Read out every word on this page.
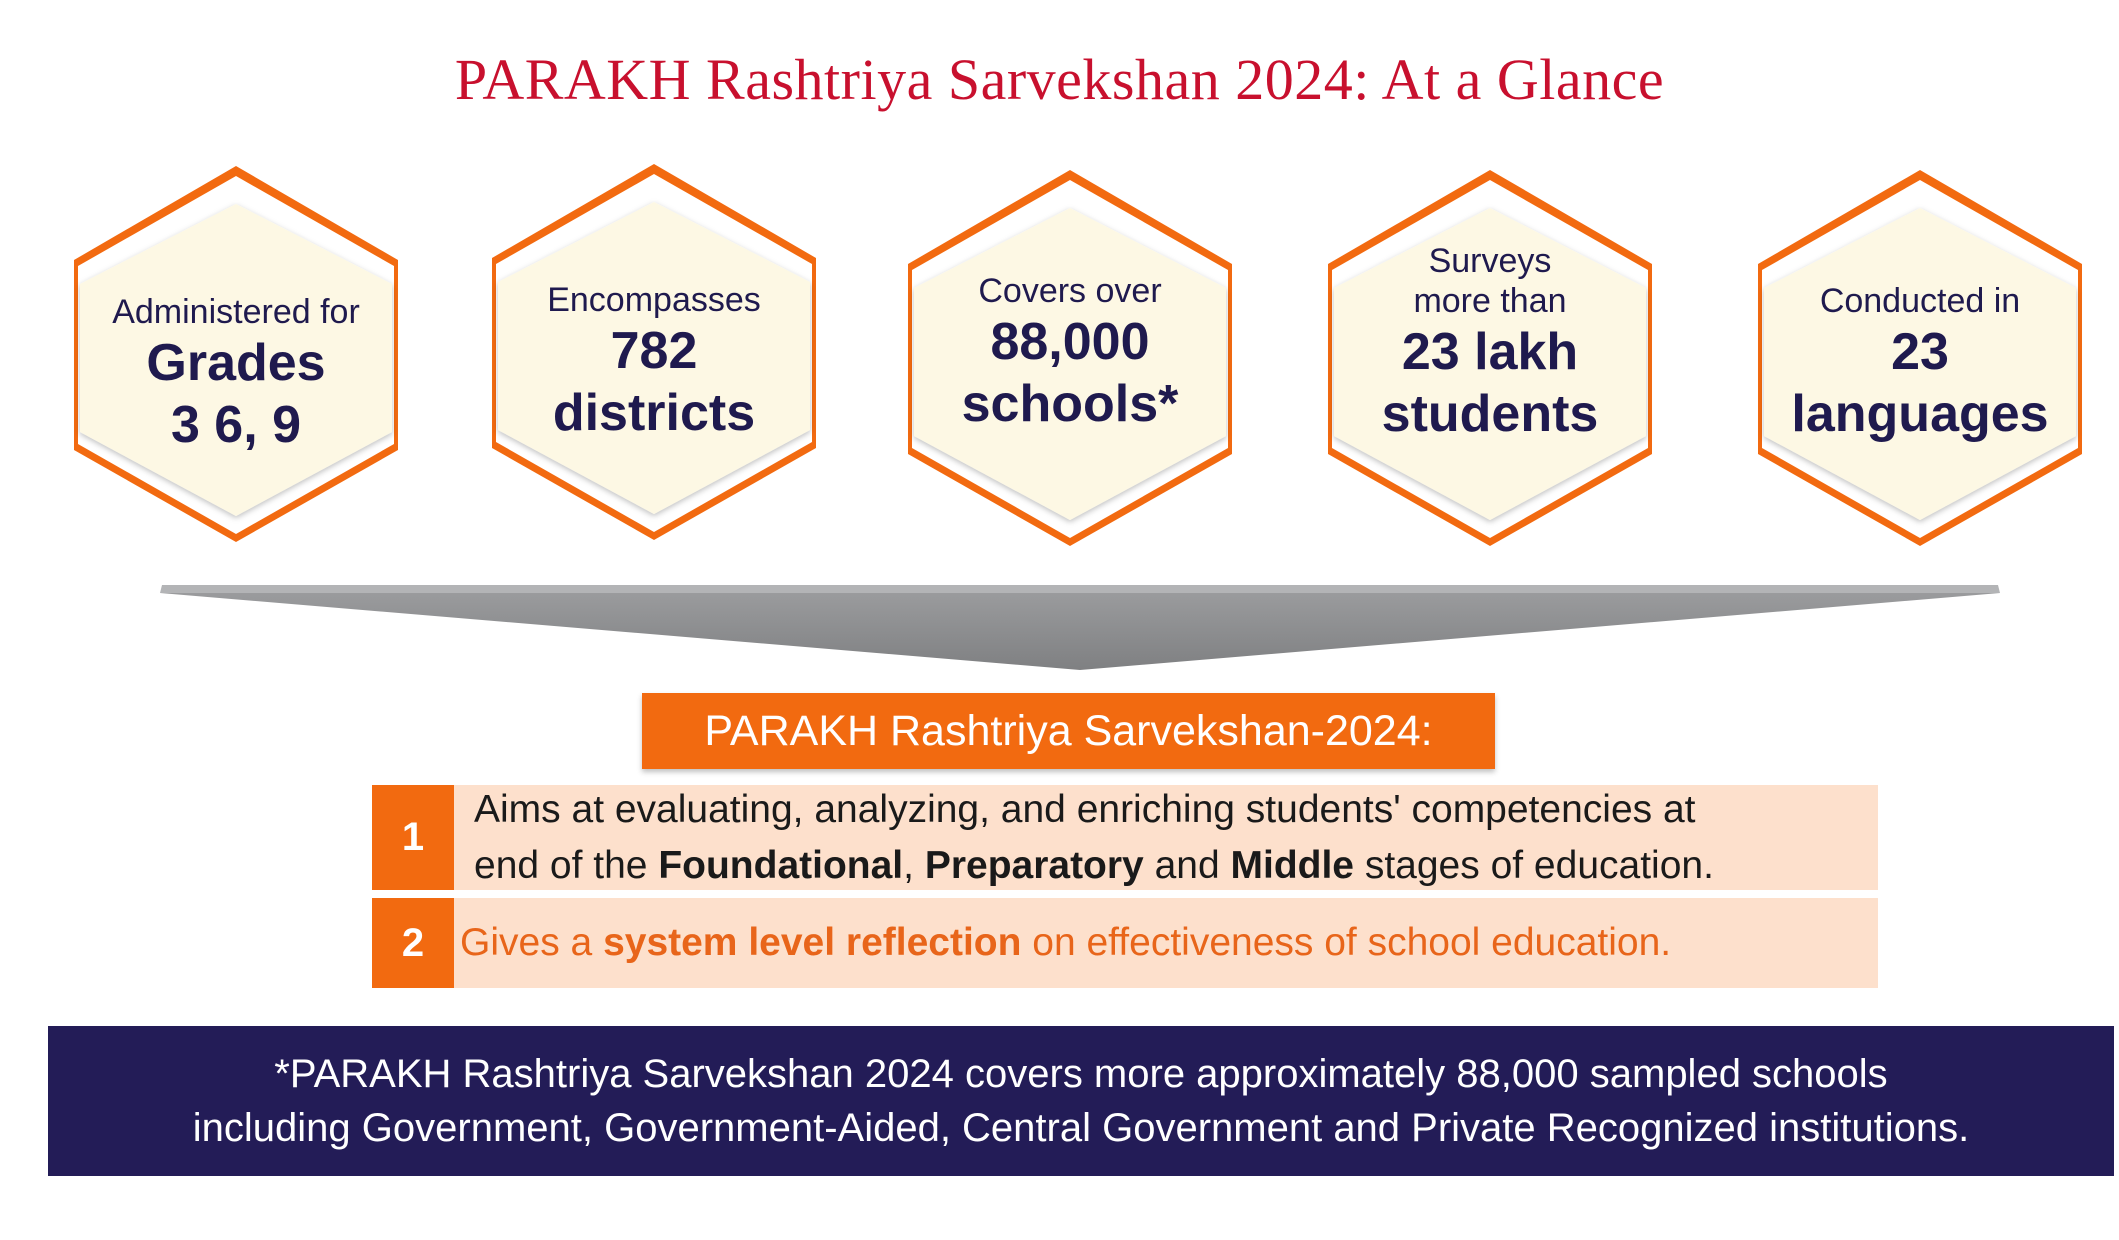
PARAKH Rashtriya Sarvekshan 2024: At a Glance
Administered for
Grades
3 6, 9
Encompasses
782
districts
Covers over
88,000
schools*
Surveys
more than
23 lakh
students
Conducted in
23
languages
PARAKH Rashtriya Sarvekshan-2024:
1
Aims at evaluating, analyzing, and enriching students' competencies at
end of the Foundational, Preparatory and Middle stages of education.
2 Gives a system level reflection on effectiveness of school education.
*PARAKH Rashtriya Sarvekshan 2024 covers more approximately 88,000 sampled schools
including Government, Government-Aided, Central Government and Private Recognized institutions.
